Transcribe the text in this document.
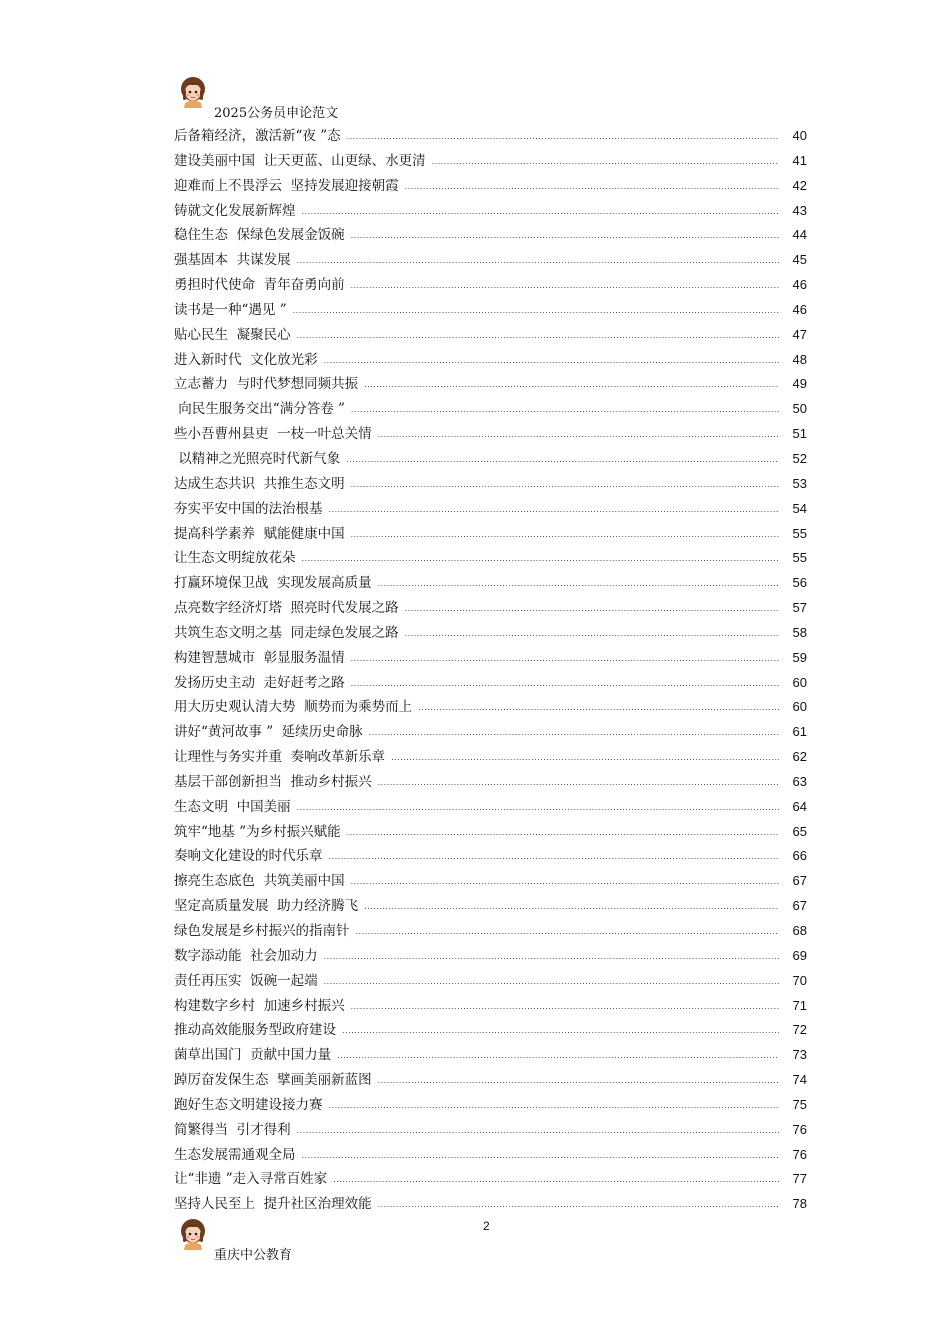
2025公务员申论范文
后备箱经济，激活新“夜 ”态 .....	40
建设美丽中国  让天更蓝、山更绿、水更清 .....	41
迎难而上不畏浮云  坚持发展迎接朝霞 .....	42
铸就文化发展新辉煌 .....	43
稳住生态  保绿色发展金饭碗 .....	44
强基固本  共谋发展 .....	45
勇担时代使命  青年奋勇向前 .....	46
读书是一种“遇见 ” .....	46
贴心民生  凝聚民心 .....	47
进入新时代  文化放光彩 .....	48
立志蓄力  与时代梦想同频共振 .....	49
向民生服务交出“满分答卷 ” .....	50
些小吾曹州县吏  一枝一叶总关情 .....	51
以精神之光照亮时代新气象 .....	52
达成生态共识  共推生态文明 .....	53
夯实平安中国的法治根基 .....	54
提高科学素养  赋能健康中国 .....	55
让生态文明绽放花朵 .....	55
打赢环境保卫战  实现发展高质量 .....	56
点亮数字经济灯塔  照亮时代发展之路 .....	57
共筑生态文明之基  同走绿色发展之路 .....	58
构建智慧城市  彰显服务温情 .....	59
发扬历史主动  走好赶考之路 .....	60
用大历史观认清大势  顺势而为乘势而上 .....	60
讲好“黄河故事 ”  延续历史命脉 .....	61
让理性与务实并重  奏响改革新乐章 .....	62
基层干部创新担当  推动乡村振兴 .....	63
生态文明  中国美丽 .....	64
筑牢“地基 ”为乡村振兴赋能 .....	65
奏响文化建设的时代乐章 .....	66
擦亮生态底色  共筑美丽中国 .....	67
坚定高质量发展  助力经济腾飞 .....	67
绿色发展是乡村振兴的指南针 .....	68
数字添动能  社会加动力 .....	69
责任再压实  饭碗一起端 .....	70
构建数字乡村  加速乡村振兴 .....	71
推动高效能服务型政府建设 .....	72
菌草出国门  贡献中国力量 .....	73
踔厉奋发保生态  擘画美丽新蓝图 .....	74
跑好生态文明建设接力赛 .....	75
简繁得当  引才得利 .....	76
生态发展需通观全局 .....	76
让“非遗 ”走入寻常百姓家 .....	77
坚持人民至上  提升社区治理效能 .....	78
2
重庆中公教育
